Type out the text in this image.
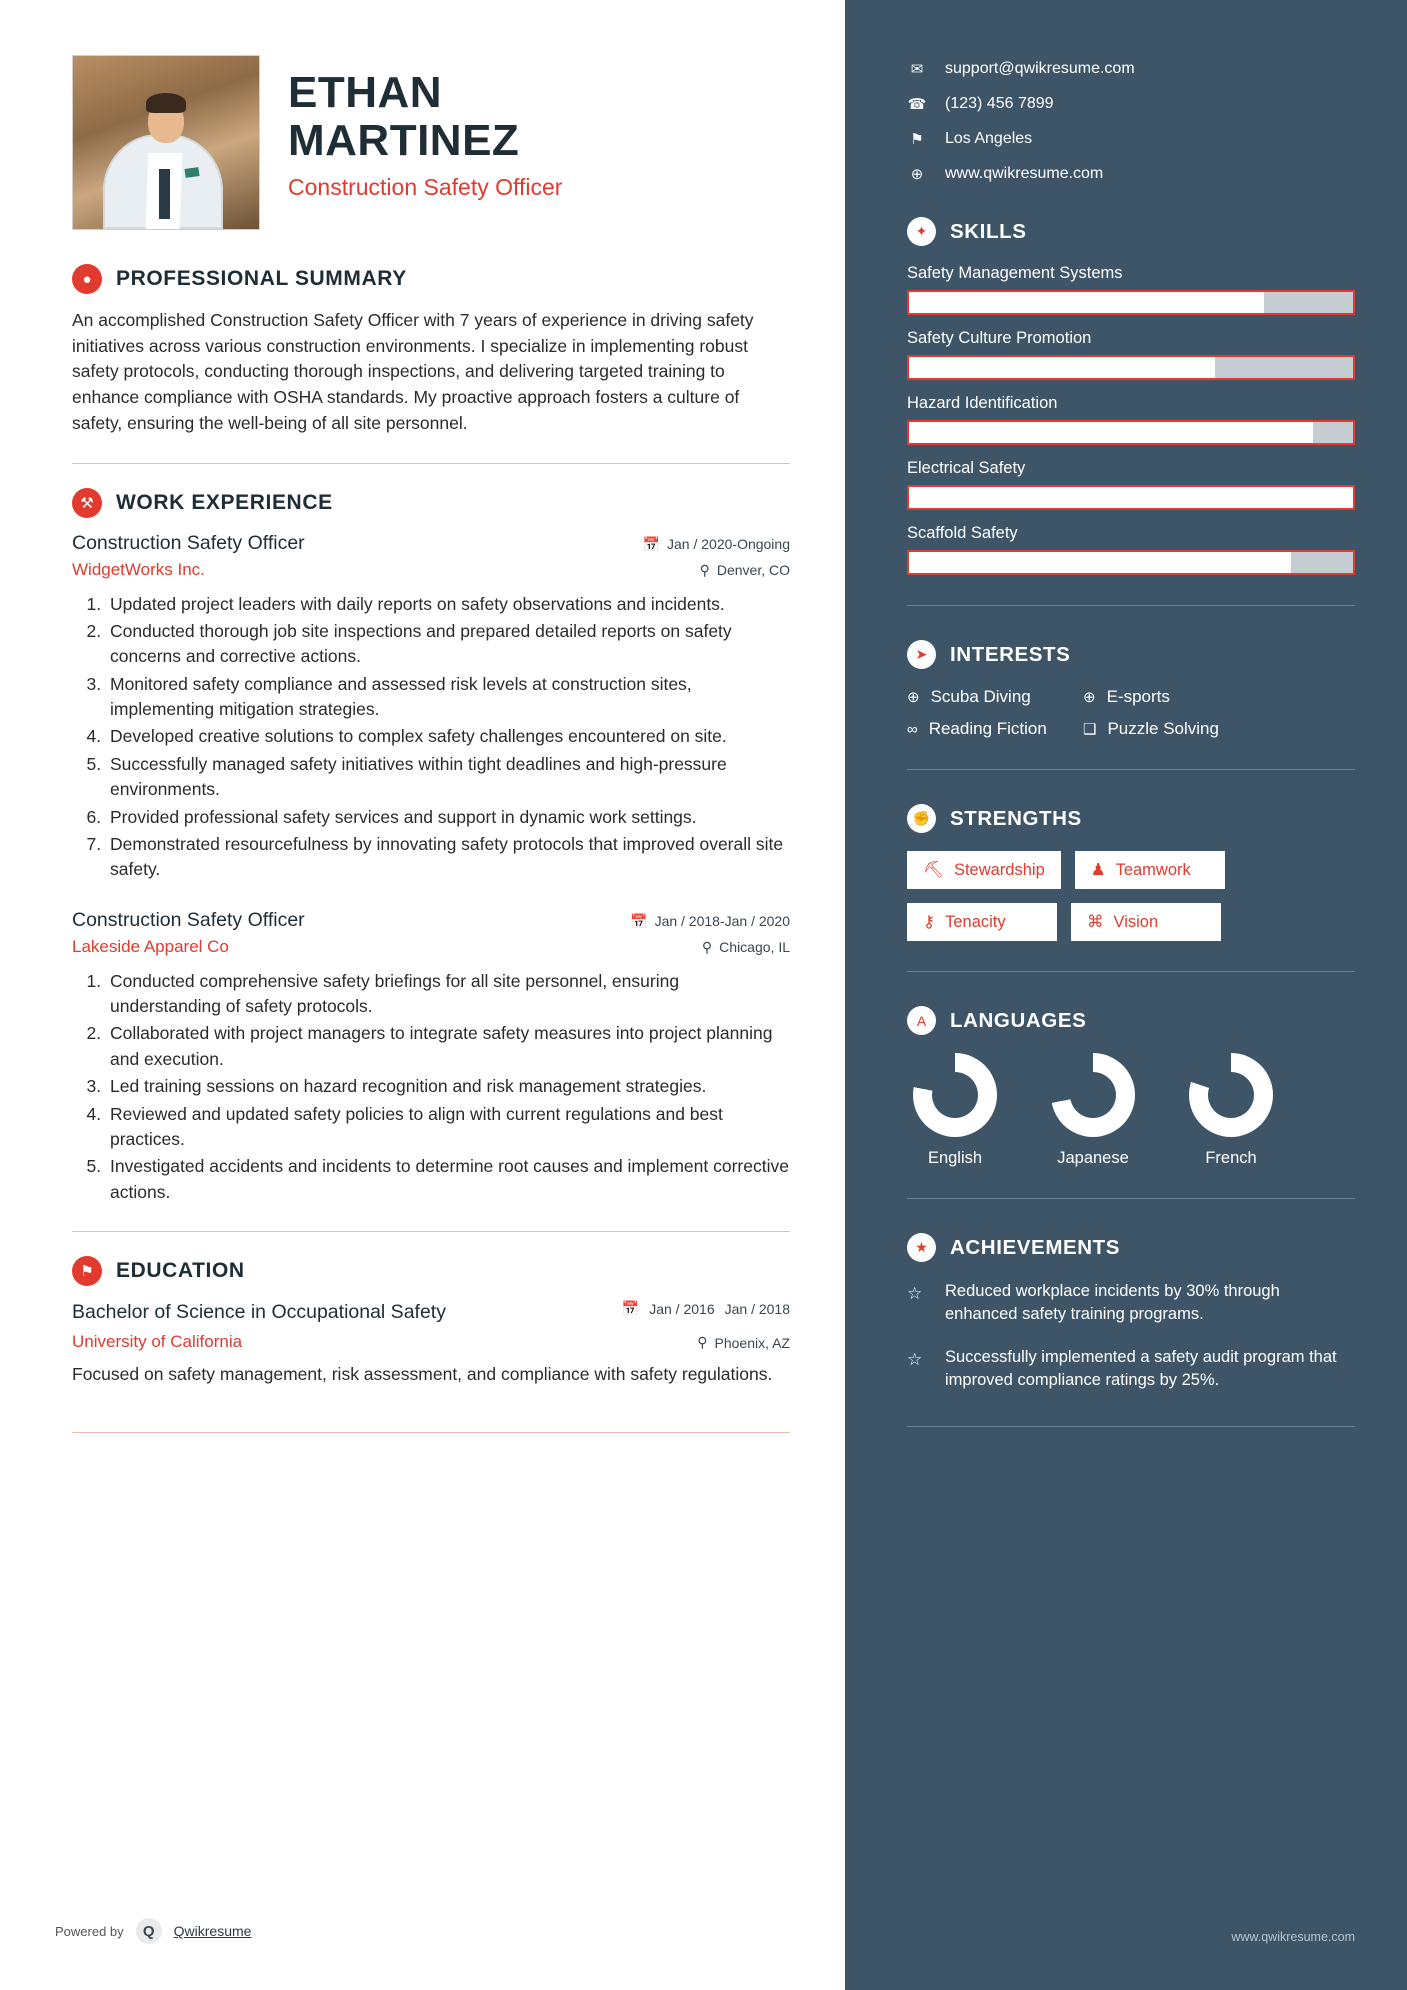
ETHAN
MARTINEZ
Construction Safety Officer
●	PROFESSIONAL SUMMARY
An accomplished Construction Safety Officer with 7 years of experience in driving safety initiatives across various construction environments. I specialize in implementing robust safety protocols, conducting thorough inspections, and delivering targeted training to enhance compliance with OSHA standards. My proactive approach fosters a culture of safety, ensuring the well-being of all site personnel.
⚒	WORK EXPERIENCE
Construction Safety Officer	📅 Jan / 2020-Ongoing
WidgetWorks Inc.	⚲ Denver, CO
1. Updated project leaders with daily reports on safety observations and incidents.
2. Conducted thorough job site inspections and prepared detailed reports on safety concerns and corrective actions.
3. Monitored safety compliance and assessed risk levels at construction sites, implementing mitigation strategies.
4. Developed creative solutions to complex safety challenges encountered on site.
5. Successfully managed safety initiatives within tight deadlines and high-pressure environments.
6. Provided professional safety services and support in dynamic work settings.
7. Demonstrated resourcefulness by innovating safety protocols that improved overall site safety.
Construction Safety Officer	📅 Jan / 2018-Jan / 2020
Lakeside Apparel Co	⚲ Chicago, IL
1. Conducted comprehensive safety briefings for all site personnel, ensuring understanding of safety protocols.
2. Collaborated with project managers to integrate safety measures into project planning and execution.
3. Led training sessions on hazard recognition and risk management strategies.
4. Reviewed and updated safety policies to align with current regulations and best practices.
5. Investigated accidents and incidents to determine root causes and implement corrective actions.
⚑	EDUCATION
Bachelor of Science in Occupational Safety	📅 Jan / 2016 Jan / 2018
University of California	⚲ Phoenix, AZ
Focused on safety management, risk assessment, and compliance with safety regulations.
Powered by	Q	Qwikresume
✉ support@qwikresume.com
☎ (123) 456 7899
⚑ Los Angeles
⊕ www.qwikresume.com
✦	SKILLS
Safety Management Systems
Safety Culture Promotion
Hazard Identification
Electrical Safety
Scaffold Safety
➤	INTERESTS
⊕ Scuba Diving	⊕ E-sports
∞ Reading Fiction ❑ Puzzle Solving
✊ STRENGTHS
⛏ Stewardship	♟ Teamwork
⚷ Tenacity	⌘ Vision
A	LANGUAGES
English	Japanese	French
★	ACHIEVEMENTS
☆	Reduced workplace incidents by 30% through enhanced safety training programs.
☆	Successfully implemented a safety audit program that improved compliance ratings by 25%.
www.qwikresume.com
